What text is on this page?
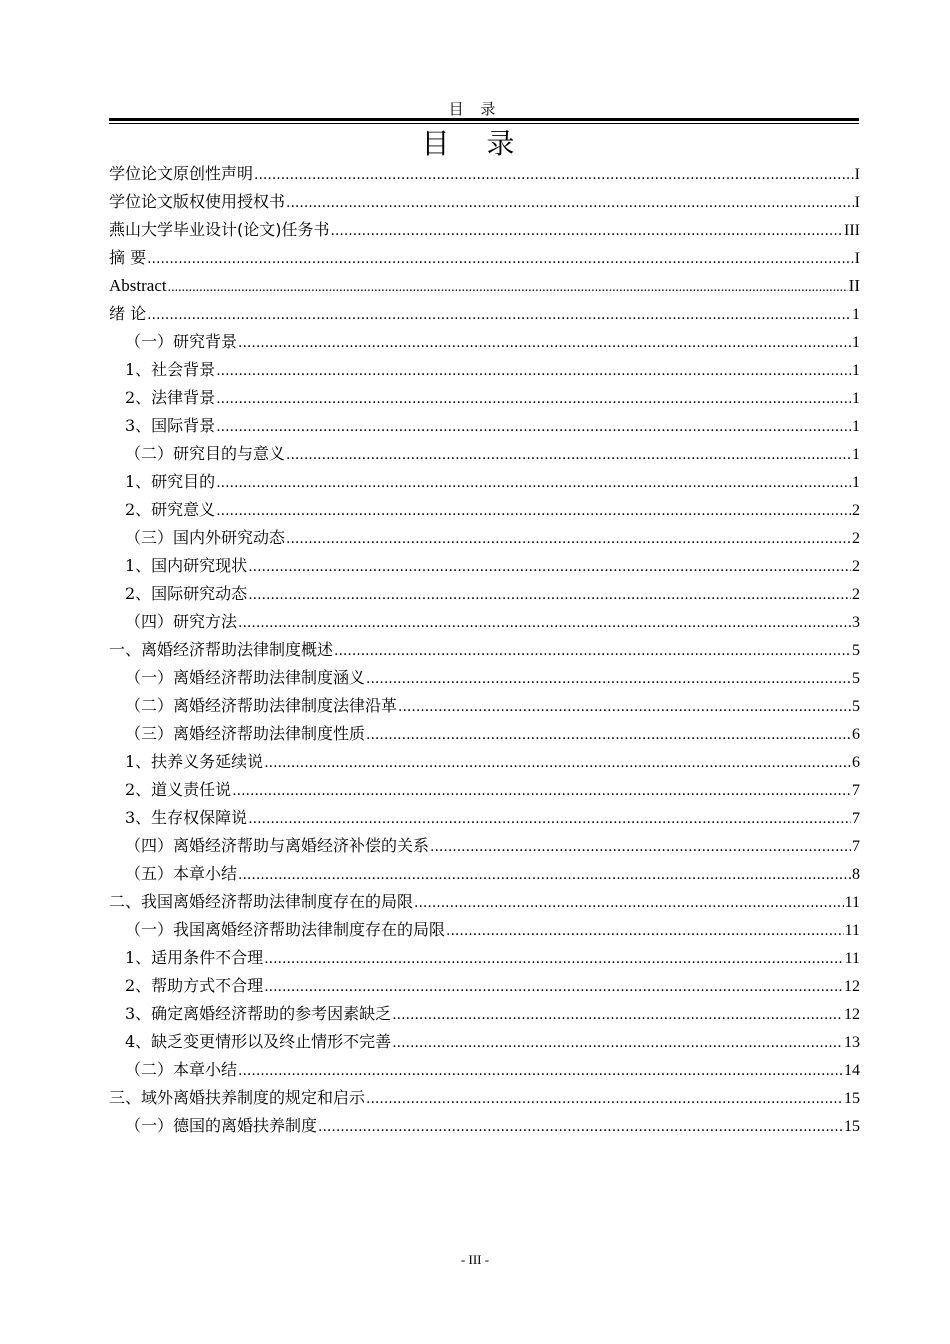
目 录
目 录
学位论文原创性声明 .....	I
学位论文版权使用授权书 .....	I
燕山大学毕业设计(论文)任务书 .....	III
摘 要 .....	I
Abstract .....	II
绪 论 .....	1
（一）研究背景 .....	1
1、社会背景 .....	1
2、法律背景 .....	1
3、国际背景 .....	1
（二）研究目的与意义 .....	1
1、研究目的 .....	1
2、研究意义 .....	2
（三）国内外研究动态 .....	2
1、国内研究现状 .....	2
2、国际研究动态 .....	2
（四）研究方法 .....	3
一、离婚经济帮助法律制度概述 .....	5
（一）离婚经济帮助法律制度涵义 .....	5
（二）离婚经济帮助法律制度法律沿革 .....	5
（三）离婚经济帮助法律制度性质 .....	6
1、扶养义务延续说 .....	6
2、道义责任说 .....	7
3、生存权保障说 .....	7
（四）离婚经济帮助与离婚经济补偿的关系 .....	7
（五）本章小结 .....	8
二、我国离婚经济帮助法律制度存在的局限 .....	11
（一）我国离婚经济帮助法律制度存在的局限 .....	11
1、适用条件不合理 .....	11
2、帮助方式不合理 .....	12
3、确定离婚经济帮助的参考因素缺乏 .....	12
4、缺乏变更情形以及终止情形不完善 .....	13
（二）本章小结 .....	14
三、域外离婚扶养制度的规定和启示 .....	15
（一）德国的离婚扶养制度 .....	15
- III -
